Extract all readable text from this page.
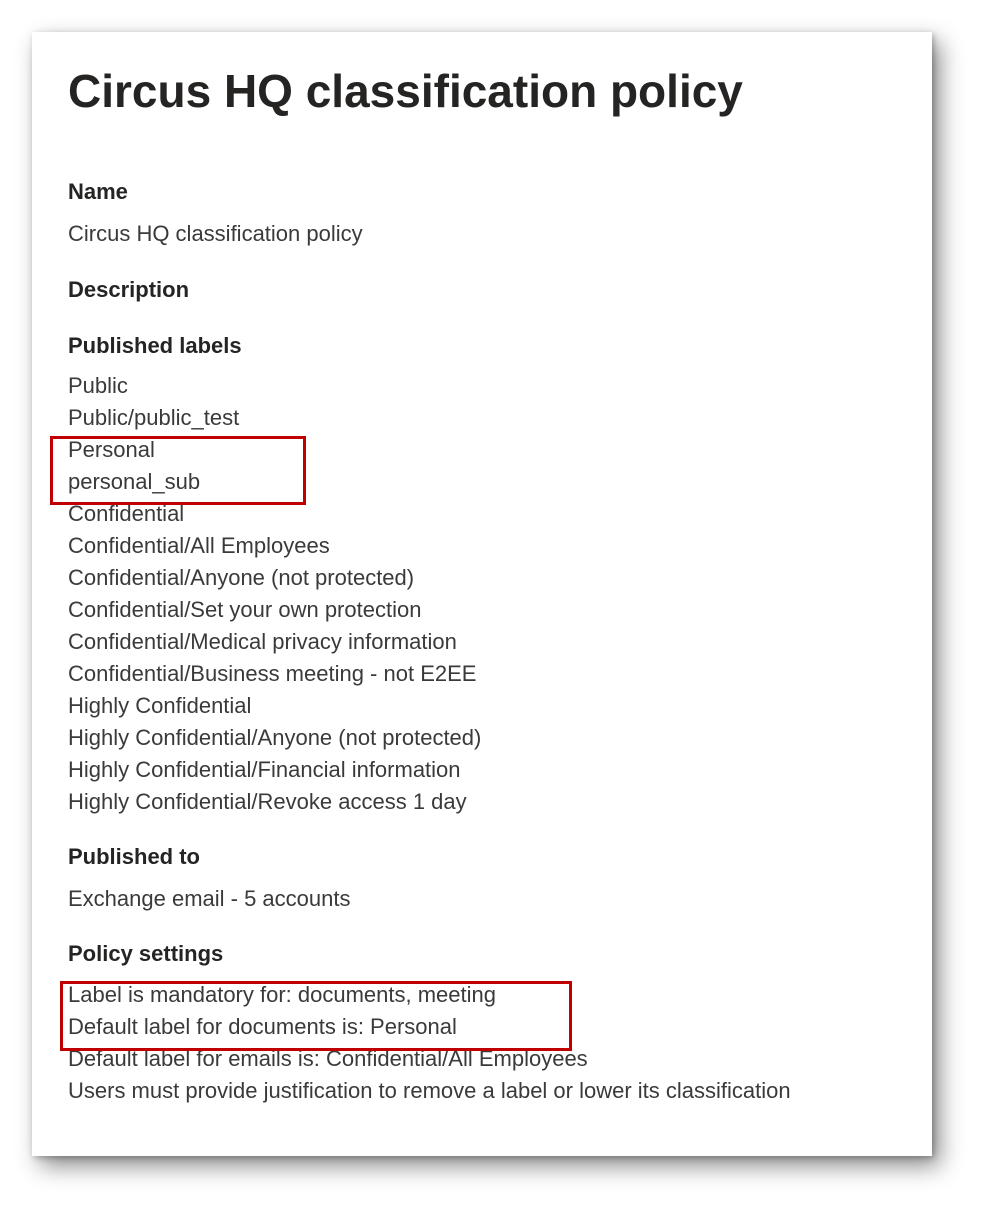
Circus HQ classification policy
Name
Circus HQ classification policy
Description
Published labels
Public
Public/public_test
Personal
personal_sub
Confidential
Confidential/All Employees
Confidential/Anyone (not protected)
Confidential/Set your own protection
Confidential/Medical privacy information
Confidential/Business meeting - not E2EE
Highly Confidential
Highly Confidential/Anyone (not protected)
Highly Confidential/Financial information
Highly Confidential/Revoke access 1 day
Published to
Exchange email - 5 accounts
Policy settings
Label is mandatory for: documents, meeting
Default label for documents is: Personal
Default label for emails is: Confidential/All Employees
Users must provide justification to remove a label or lower its classification
